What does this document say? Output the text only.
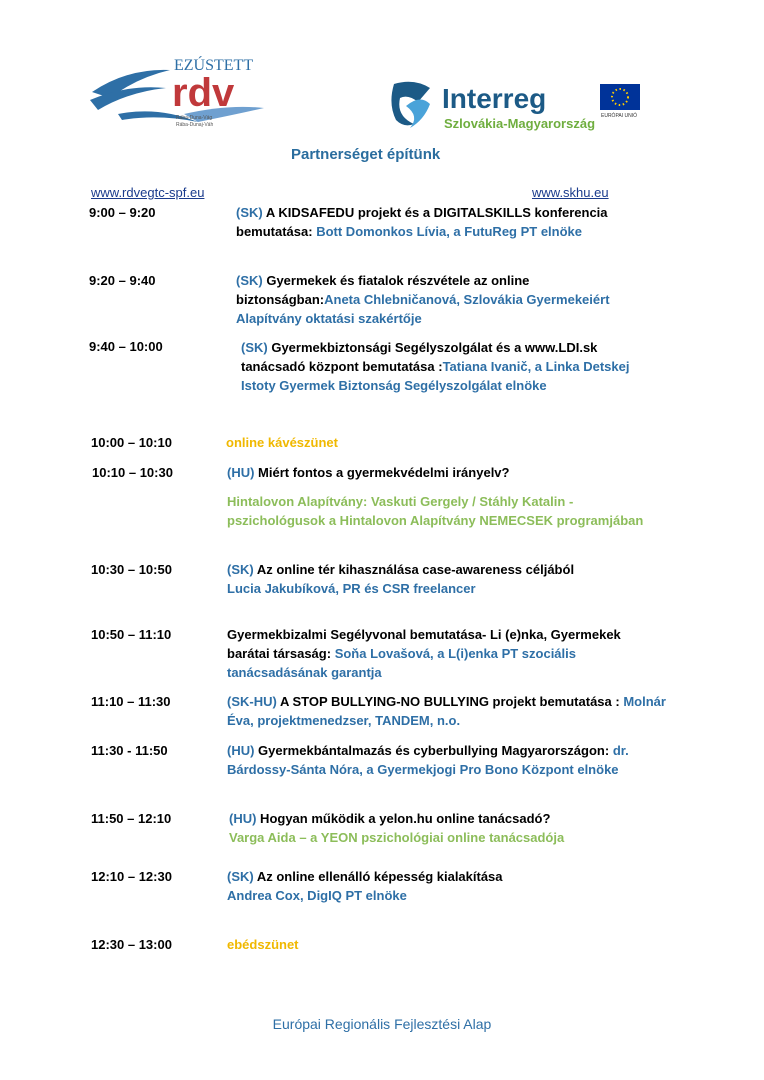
EZÚSTETT
rdv
Rába-Duna-Vág
Rába-Dunaj-Váh
Interreg
Szlovákia-Magyarország EURÓPAI UNIÓ
Partnerséget építünk
www.rdvegtc-spf.eu	www.skhu.eu
9:00 – 9:20	(SK) A KIDSAFEDU projekt és a DIGITALSKILLS konferencia bemutatása: Bott Domonkos Lívia, a FutuReg PT elnöke
9:20 – 9:40	(SK) Gyermekek és fiatalok részvétele az online biztonságban:Aneta Chlebničanová, Szlovákia Gyermekeiért Alapítvány oktatási szakértője
9:40 – 10:00	(SK) Gyermekbiztonsági Segélyszolgálat és a www.LDI.sk tanácsadó központ bemutatása :Tatiana Ivanič, a Linka Detskej Istoty Gyermek Biztonság Segélyszolgálat elnöke
10:00 – 10:10	online kávészünet
10:10 – 10:30	(HU) Miért fontos a gyermekvédelmi irányelv?
Hintalovon Alapítvány: Vaskuti Gergely / Stáhly Katalin - pszichológusok a Hintalovon Alapítvány NEMECSEK programjában
10:30 – 10:50	(SK) Az online tér kihasználása case-awareness céljából
Lucia Jakubíková, PR és CSR freelancer
10:50 – 11:10	Gyermekbizalmi Segélyvonal bemutatása- Li (e)nka, Gyermekek barátai társaság: Soňa Lovašová, a L(i)enka PT szociális tanácsadásának garantja
11:10 – 11:30	(SK-HU) A STOP BULLYING-NO BULLYING projekt bemutatása : Molnár Éva, projektmenedzser, TANDEM, n.o.
11:30 - 11:50	(HU) Gyermekbántalmazás és cyberbullying Magyarországon: dr. Bárdossy-Sánta Nóra, a Gyermekjogi Pro Bono Központ elnöke
11:50 – 12:10	(HU) Hogyan működik a yelon.hu online tanácsadó?
Varga Aida – a YEON pszichológiai online tanácsadója
12:10 – 12:30	(SK) Az online ellenálló képesség kialakítása
Andrea Cox, DigIQ PT elnöke
12:30 – 13:00	ebédszünet
Európai Regionális Fejlesztési Alap
